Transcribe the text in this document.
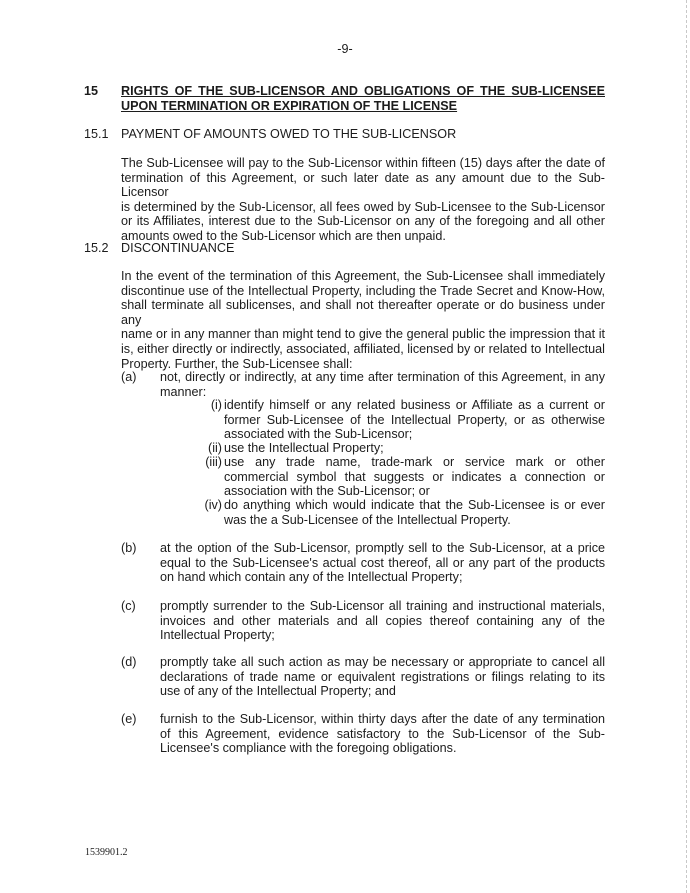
-9-
15 RIGHTS OF THE SUB-LICENSOR AND OBLIGATIONS OF THE SUB-LICENSEE
UPON TERMINATION OR EXPIRATION OF THE LICENSE
15.1 PAYMENT OF AMOUNTS OWED TO THE SUB-LICENSOR
The Sub-Licensee will pay to the Sub-Licensor within fifteen (15) days after the date of
termination of this Agreement, or such later date as any amount due to the Sub-Licensor
is determined by the Sub-Licensor, all fees owed by Sub-Licensee to the Sub-Licensor
or its Affiliates, interest due to the Sub-Licensor on any of the foregoing and all other
amounts owed to the Sub-Licensor which are then unpaid.
15.2 DISCONTINUANCE
In the event of the termination of this Agreement, the Sub-Licensee shall immediately
discontinue use of the Intellectual Property, including the Trade Secret and Know-How,
shall terminate all sublicenses, and shall not thereafter operate or do business under any
name or in any manner than might tend to give the general public the impression that it
is, either directly or indirectly, associated, affiliated, licensed by or related to Intellectual
Property. Further, the Sub-Licensee shall:
(a) not, directly or indirectly, at any time after termination of this Agreement, in any
manner:
(i) identify himself or any related business or Affiliate as a current or
former Sub-Licensee of the Intellectual Property, or as otherwise
associated with the Sub-Licensor;
(ii) use the Intellectual Property;
(iii) use any trade name, trade-mark or service mark or other
commercial symbol that suggests or indicates a connection or
association with the Sub-Licensor; or
(iv) do anything which would indicate that the Sub-Licensee is or ever
was the a Sub-Licensee of the Intellectual Property.
(b) at the option of the Sub-Licensor, promptly sell to the Sub-Licensor, at a price
equal to the Sub-Licensee's actual cost thereof, all or any part of the products
on hand which contain any of the Intellectual Property;
(c) promptly surrender to the Sub-Licensor all training and instructional materials,
invoices and other materials and all copies thereof containing any of the
Intellectual Property;
(d) promptly take all such action as may be necessary or appropriate to cancel all
declarations of trade name or equivalent registrations or filings relating to its
use of any of the Intellectual Property; and
(e) furnish to the Sub-Licensor, within thirty days after the date of any termination
of this Agreement, evidence satisfactory to the Sub-Licensor of the Sub-
Licensee's compliance with the foregoing obligations.
1539901.2
